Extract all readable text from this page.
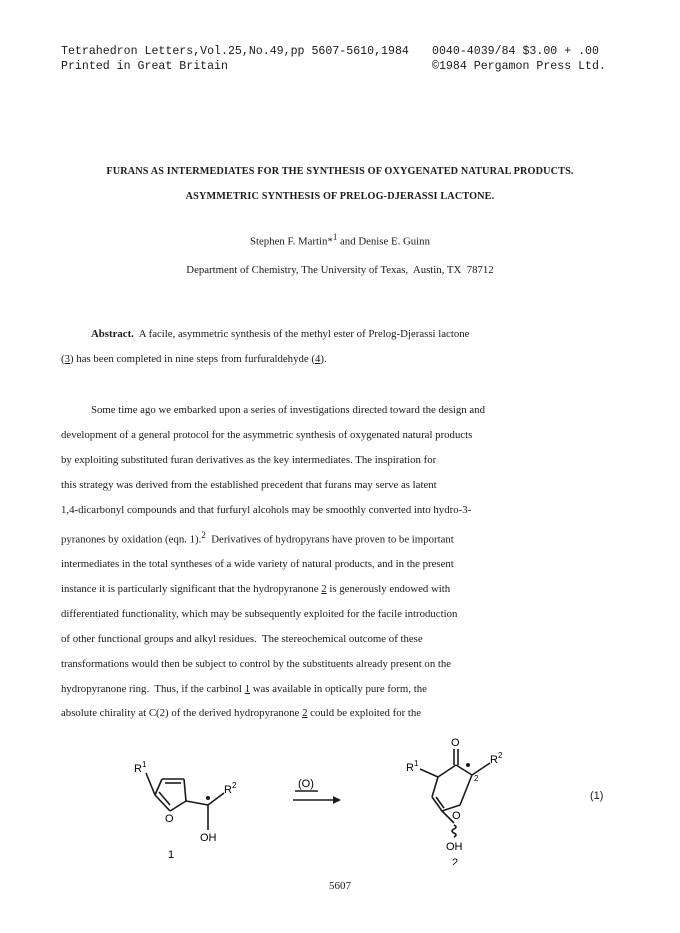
Tetrahedron Letters,Vol.25,No.49,pp 5607-5610,1984
Printed in Great Britain
0040-4039/84 $3.00 + .00
©1984 Pergamon Press Ltd.
FURANS AS INTERMEDIATES FOR THE SYNTHESIS OF OXYGENATED NATURAL PRODUCTS.
ASYMMETRIC SYNTHESIS OF PRELOG-DJERASSI LACTONE.
Stephen F. Martin*$^1$ and Denise E. Guinn
Department of Chemistry, The University of Texas,  Austin, TX  78712
Abstract. A facile, asymmetric synthesis of the methyl ester of Prelog-Djerassi lactone
(3) has been completed in nine steps from furfuraldehyde (4).
Some time ago we embarked upon a series of investigations directed toward the design and
development of a general protocol for the asymmetric synthesis of oxygenated natural products
by exploiting substituted furan derivatives as the key intermediates. The inspiration for
this strategy was derived from the established precedent that furans may serve as latent
1,4-dicarbonyl compounds and that furfuryl alcohols may be smoothly converted into hydro-3-
pyranones by oxidation (eqn. 1).$^2$  Derivatives of hydropyrans have proven to be important
intermediates in the total syntheses of a wide variety of natural products, and in the present
instance it is particularly significant that the hydropyranone 2 is generously endowed with
differentiated functionality, which may be subsequently exploited for the facile introduction
of other functional groups and alkyl residues.  The stereochemical outcome of these
transformations would then be subject to control by the substituents already present on the
hydropyranone ring.  Thus, if the carbinol 1 was available in optically pure form, the
absolute chirality at C(2) of the derived hydropyranone 2 could be exploited for the
$R^1$
O
$R^2$
OH
1
(O)
O
$R^1$	$R^2$
2
O
OH
2
(1)
5607
